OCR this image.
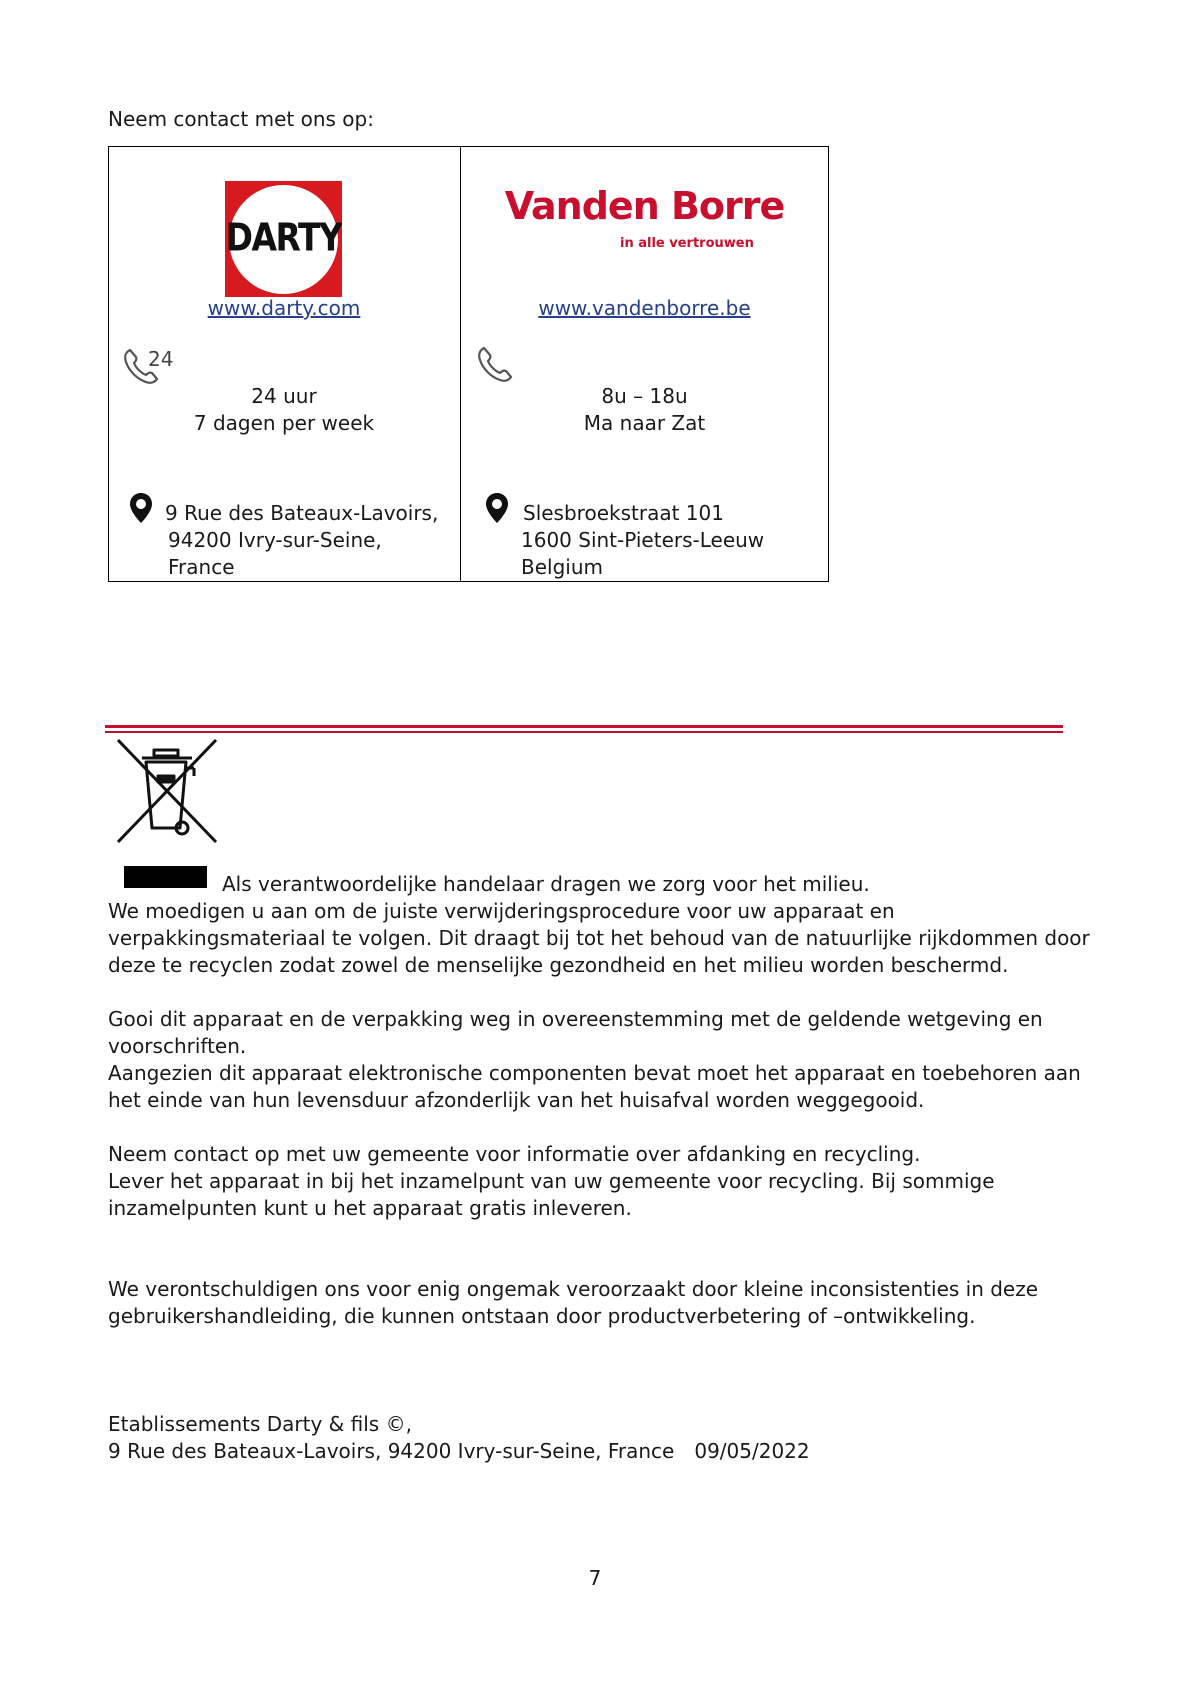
Neem contact met ons op:
DARTY
www.darty.com
24
24 uur
7 dagen per week
9 Rue des Bateaux-Lavoirs,
94200 Ivry-sur-Seine,
France
Vanden Borre
in alle vertrouwen
www.vandenborre.be
8u – 18u
Ma naar Zat
Slesbroekstraat 101
1600 Sint-Pieters-Leeuw
Belgium
Als verantwoordelijke handelaar dragen we zorg voor het milieu.
We moedigen u aan om de juiste verwijderingsprocedure voor uw apparaat en verpakkingsmateriaal te volgen. Dit draagt bij tot het behoud van de natuurlijke rijkdommen door deze te recyclen zodat zowel de menselijke gezondheid en het milieu worden beschermd.
Gooi dit apparaat en de verpakking weg in overeenstemming met de geldende wetgeving en voorschriften.
Aangezien dit apparaat elektronische componenten bevat moet het apparaat en toebehoren aan het einde van hun levensduur afzonderlijk van het huisafval worden weggegooid.
Neem contact op met uw gemeente voor informatie over afdanking en recycling.
Lever het apparaat in bij het inzamelpunt van uw gemeente voor recycling. Bij sommige inzamelpunten kunt u het apparaat gratis inleveren.
We verontschuldigen ons voor enig ongemak veroorzaakt door kleine inconsistenties in deze gebruikershandleiding, die kunnen ontstaan door productverbetering of –ontwikkeling.
Etablissements Darty & fils ©,
9 Rue des Bateaux-Lavoirs, 94200 Ivry-sur-Seine, France 09/05/2022
7
